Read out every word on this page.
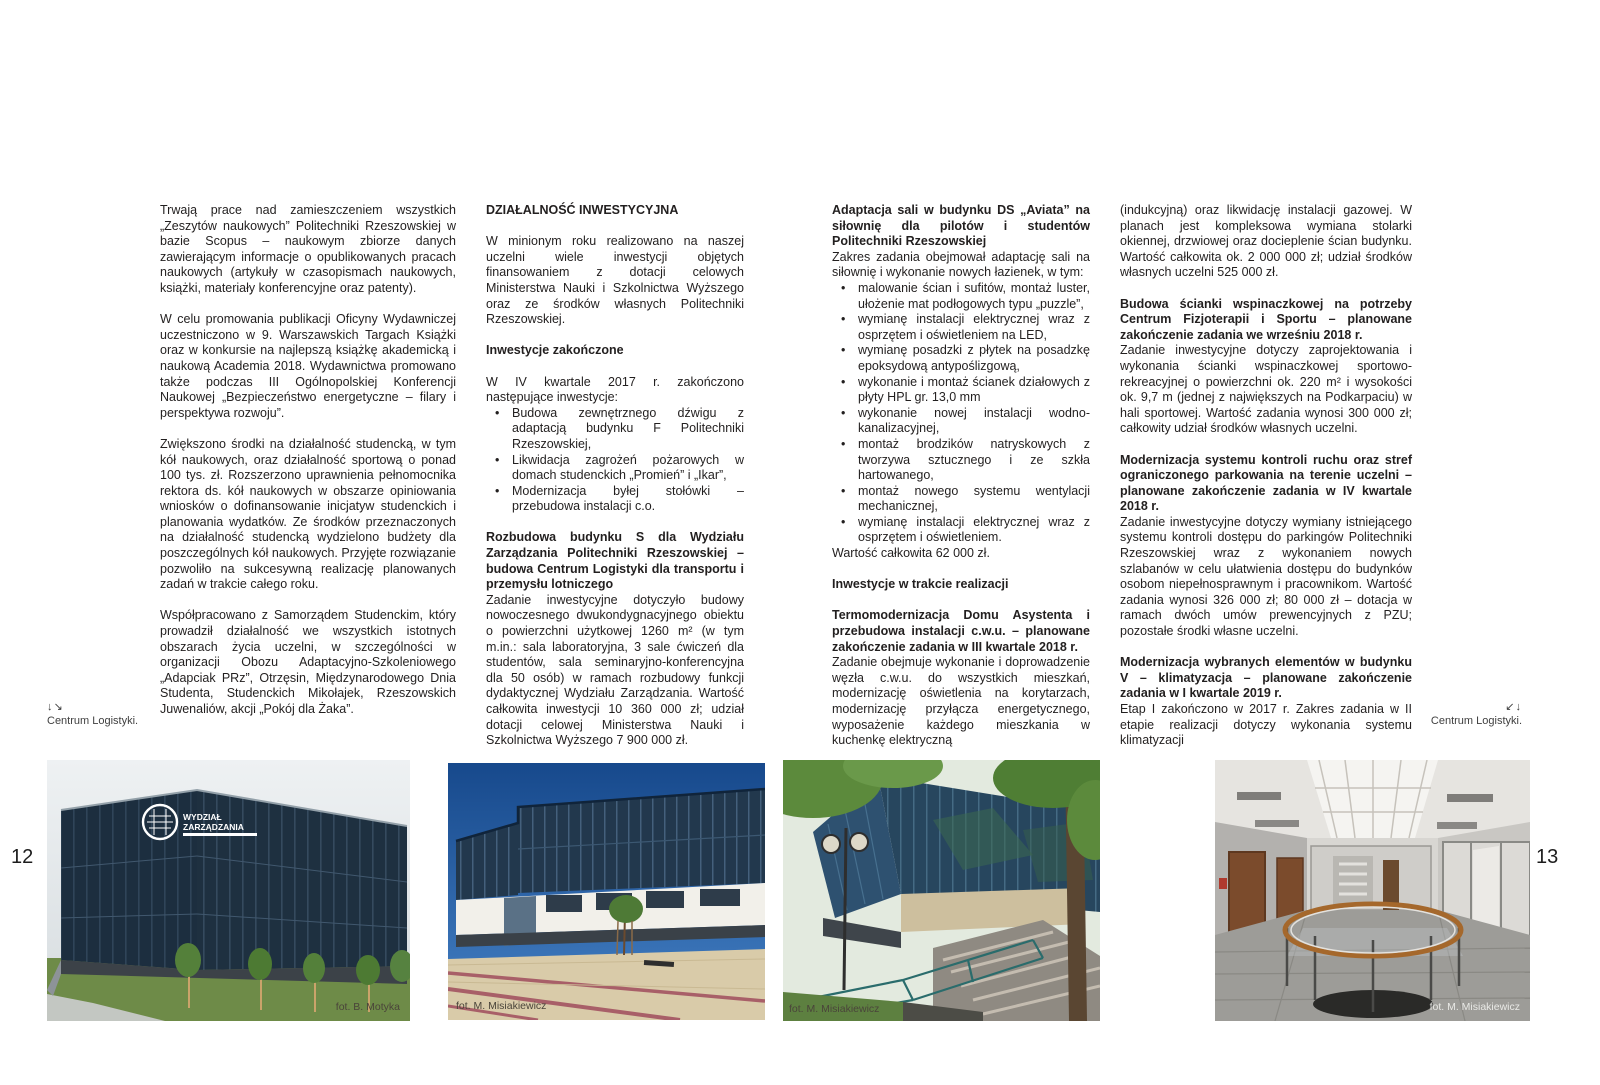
Trwają prace nad zamieszczeniem wszystkich „Zeszytów naukowych” Politechniki Rzeszowskiej w bazie Scopus – naukowym zbiorze danych zawierającym informacje o opublikowanych pracach naukowych (artykuły w czasopismach naukowych, książki, materiały konferencyjne oraz patenty).

W celu promowania publikacji Oficyny Wydawniczej uczestniczono w 9. Warszawskich Targach Książki oraz w konkursie na najlepszą książkę akademicką i naukową Academia 2018. Wydawnictwa promowano także podczas III Ogólnopolskiej Konferencji Naukowej „Bezpieczeństwo energetyczne – filary i perspektywa rozwoju”.

Zwiększono środki na działalność studencką, w tym kół naukowych, oraz działalność sportową o ponad 100 tys. zł. Rozszerzono uprawnienia pełnomocnika rektora ds. kół naukowych w obszarze opiniowania wniosków o dofinansowanie inicjatyw studenckich i planowania wydatków. Ze środków przeznaczonych na działalność studencką wydzielono budżety dla poszczególnych kół naukowych. Przyjęte rozwiązanie pozwoliło na sukcesywną realizację planowanych zadań w trakcie całego roku.

Współpracowano z Samorządem Studenckim, który prowadził działalność we wszystkich istotnych obszarach życia uczelni, w szczególności w organizacji Obozu Adaptacyjno-Szkoleniowego „Adapciak PRz”, Otrzęsin, Międzynarodowego Dnia Studenta, Studenckich Mikołajek, Rzeszowskich Juwenaliów, akcji „Pokój dla Żaka”.

DZIAŁALNOŚĆ INWESTYCYJNA

W minionym roku realizowano na naszej uczelni wiele inwestycji objętych finansowaniem z dotacji celowych Ministerstwa Nauki i Szkolnictwa Wyższego oraz ze środków własnych Politechniki Rzeszowskiej.

Inwestycje zakończone

W IV kwartale 2017 r. zakończono następujące inwestycje:

• Budowa zewnętrznego dźwigu z adaptacją budynku F Politechniki Rzeszowskiej,
• Likwidacja zagrożeń pożarowych w domach studenckich „Promień” i „Ikar”,
• Modernizacja byłej stołówki – przebudowa instalacji c.o.
Rozbudowa budynku S dla Wydziału Zarządzania Politechniki Rzeszowskiej – budowa Centrum Logistyki dla transportu i przemysłu lotniczego

Zadanie inwestycyjne dotyczyło budowy nowoczesnego dwukondygnacyjnego obiektu o powierzchni użytkowej 1260 m² (w tym m.in.: sala laboratoryjna, 3 sale ćwiczeń dla studentów, sala seminaryjno-konferencyjna dla 50 osób) w ramach rozbudowy funkcji dydaktycznej Wydziału Zarządzania. Wartość całkowita inwestycji 10 360 000 zł; udział dotacji celowej Ministerstwa Nauki i Szkolnictwa Wyższego 7 900 000 zł.

Adaptacja sali w budynku DS „Aviata” na siłownię dla pilotów i studentów Politechniki Rzeszowskiej

Zakres zadania obejmował adaptację sali na siłownię i wykonanie nowych łazienek, w tym:

• malowanie ścian i sufitów, montaż luster, ułożenie mat podłogowych typu „puzzle”,
• wymianę instalacji elektrycznej wraz z osprzętem i oświetleniem na LED,
• wymianę posadzki z płytek na posadzkę epoksydową antypoślizgową,
• wykonanie i montaż ścianek działowych z płyty HPL gr. 13,0 mm
• wykonanie nowej instalacji wodno-kanalizacyjnej,
• montaż brodzików natryskowych z tworzywa sztucznego i ze szkła hartowanego,
• montaż nowego systemu wentylacji mechanicznej,
• wymianę instalacji elektrycznej wraz z osprzętem i oświetleniem.

Wartość całkowita 62 000 zł.

Inwestycje w trakcie realizacji
Termomodernizacja Domu Asystenta i przebudowa instalacji c.w.u. – planowane zakończenie zadania w III kwartale 2018 r.

Zadanie obejmuje wykonanie i doprowadzenie węzła c.w.u. do wszystkich mieszkań, modernizację oświetlenia na korytarzach, modernizację przyłącza energetycznego, wyposażenie każdego mieszkania w kuchenkę elektryczną

(indukcyjną) oraz likwidację instalacji gazowej. W planach jest kompleksowa wymiana stolarki okiennej, drzwiowej oraz docieplenie ścian budynku. Wartość całkowita ok. 2 000 000 zł; udział środków własnych uczelni 525 000 zł.

Budowa ścianki wspinaczkowej na potrzeby Centrum Fizjoterapii i Sportu – planowane zakończenie zadania we wrześniu 2018 r.

Zadanie inwestycyjne dotyczy zaprojektowania i wykonania ścianki wspinaczkowej sportowo-rekreacyjnej o powierzchni ok. 220 m² i wysokości ok. 9,7 m (jednej z największych na Podkarpaciu) w hali sportowej. Wartość zadania wynosi 300 000 zł; całkowity udział środków własnych uczelni.

Modernizacja systemu kontroli ruchu oraz stref ograniczonego parkowania na terenie uczelni – planowane zakończenie zadania w IV kwartale 2018 r.

Zadanie inwestycyjne dotyczy wymiany istniejącego systemu kontroli dostępu do parkingów Politechniki Rzeszowskiej wraz z wykonaniem nowych szlabanów w celu ułatwienia dostępu do budynków osobom niepełnosprawnym i pracownikom. Wartość zadania wynosi 326 000 zł; 80 000 zł – dotacja w ramach dwóch umów prewencyjnych z PZU; pozostałe środki własne uczelni.

Modernizacja wybranych elementów w budynku V – klimatyzacja – planowane zakończenie zadania w I kwartale 2019 r.

Etap I zakończono w 2017 r. Zakres zadania w II etapie realizacji dotyczy wykonania systemu klimatyzacji

↓↘
Centrum Logistyki.
↙↓
Centrum Logistyki.
12	13
WYDZIAŁ
ZARZĄDZANIA
fot. B. Motyka	fot. M. Misiakiewicz	fot. M. Misiakiewicz	fot. M. Misiakiewicz
